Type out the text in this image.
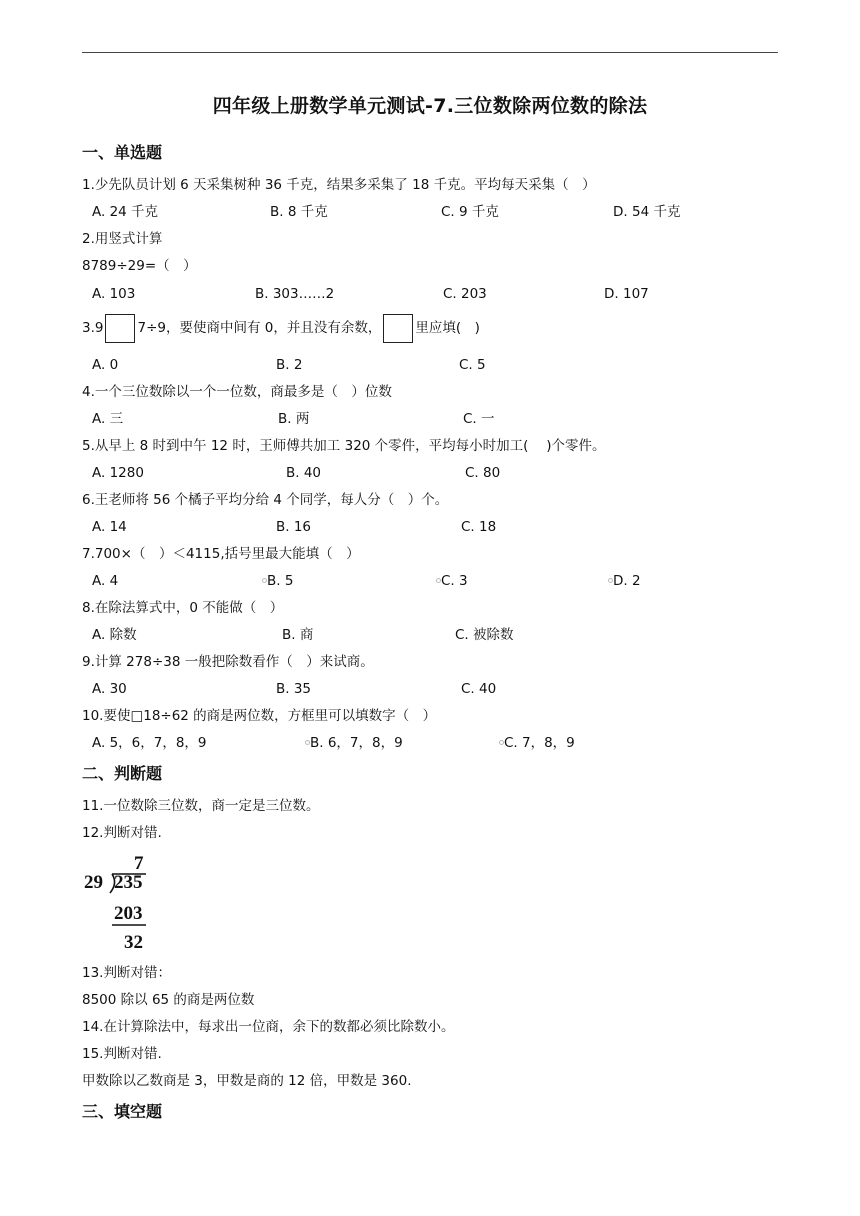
四年级上册数学单元测试-7.三位数除两位数的除法
一、单选题
1.少先队员计划 6 天采集树种 36 千克，结果多采集了 18 千克。平均每天采集（　）
A. 24 千克	B. 8 千克	C. 9 千克	D. 54 千克
2.用竖式计算
8789÷29=（　）
A. 103	B. 303……2	C. 203	D. 107
3.9	7÷9，要使商中间有 0，并且没有余数，	里应填(　)
A. 0	B. 2	C. 5
4.一个三位数除以一个一位数，商最多是（　）位数
A. 三	B. 两	C. 一
5.从早上 8 时到中午 12 时，王师傅共加工 320 个零件，平均每小时加工(　 )个零件。
A. 1280	B. 40	C. 80
6.王老师将 56 个橘子平均分给 4 个同学，每人分（　）个。
A. 14	B. 16	C. 18
7.700×（　）＜4115,括号里最大能填（　）
A. 4	B. 5	C. 3	D. 2
8.在除法算式中，0 不能做（　）
A. 除数	B. 商	C. 被除数
9.计算 278÷38 一般把除数看作（　）来试商。
A. 30	B. 35	C. 40
10.要使□18÷62 的商是两位数，方框里可以填数字（　）
A. 5，6，7，8，9	B. 6，7，8，9	C. 7，8，9
二、判断题
11.一位数除三位数，商一定是三位数。
12.判断对错.
7
29 235
203
32
13.判断对错：
8500 除以 65 的商是两位数
14.在计算除法中，每求出一位商，余下的数都必须比除数小。
15.判断对错.
甲数除以乙数商是 3，甲数是商的 12 倍，甲数是 360.
三、填空题
